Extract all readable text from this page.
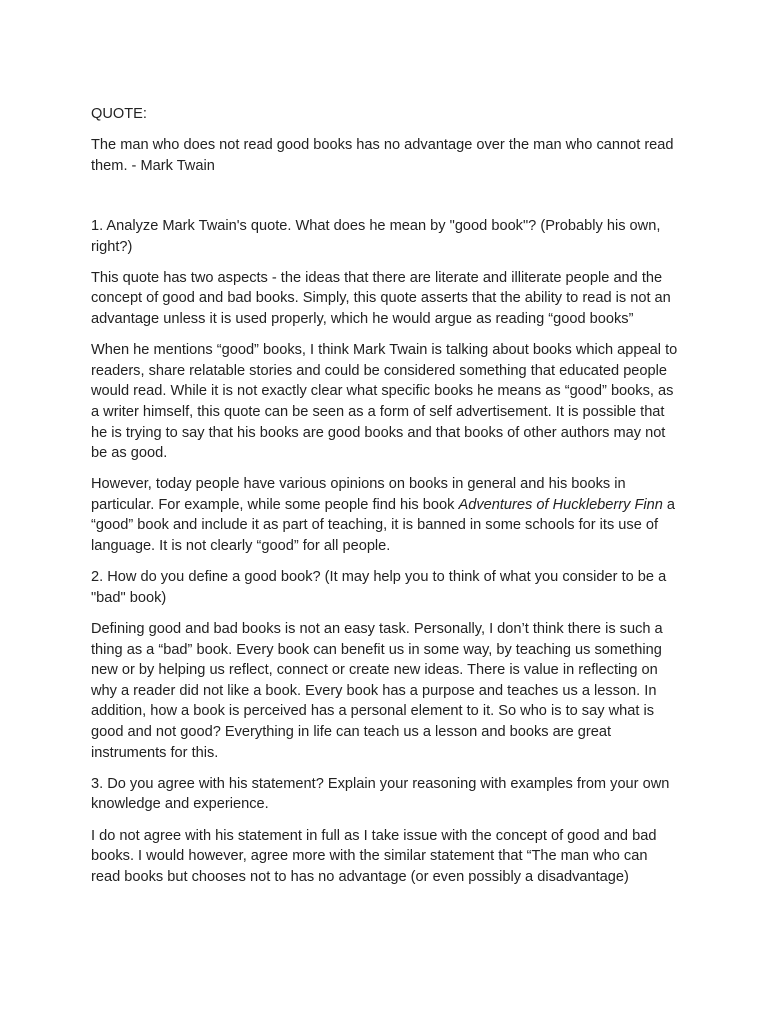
QUOTE:

The man who does not read good books has no advantage over the man who cannot read them. - Mark Twain

1. Analyze Mark Twain's quote. What does he mean by "good book"? (Probably his own, right?)

This quote has two aspects - the ideas that there are literate and illiterate people and the concept of good and bad books. Simply, this quote asserts that the ability to read is not an advantage unless it is used properly, which he would argue as reading “good books”

When he mentions “good” books, I think Mark Twain is talking about books which appeal to readers, share relatable stories and could be considered something that educated people would read. While it is not exactly clear what specific books he means as “good” books, as a writer himself, this quote can be seen as a form of self advertisement. It is possible that he is trying to say that his books are good books and that books of other authors may not be as good.

However, today people have various opinions on books in general and his books in particular. For example, while some people find his book Adventures of Huckleberry Finn a “good” book and include it as part of teaching, it is banned in some schools for its use of language. It is not clearly “good” for all people.

2. How do you define a good book? (It may help you to think of what you consider to be a "bad" book)

Defining good and bad books is not an easy task. Personally, I don’t think there is such a thing as a “bad” book. Every book can benefit us in some way, by teaching us something new or by helping us reflect, connect or create new ideas. There is value in reflecting on why a reader did not like a book. Every book has a purpose and teaches us a lesson. In addition, how a book is perceived has a personal element to it. So who is to say what is good and not good? Everything in life can teach us a lesson and books are great instruments for this.

3. Do you agree with his statement? Explain your reasoning with examples from your own knowledge and experience.

I do not agree with his statement in full as I take issue with the concept of good and bad books. I would however, agree more with the similar statement that “The man who can read books but chooses not to has no advantage (or even possibly a disadvantage)
